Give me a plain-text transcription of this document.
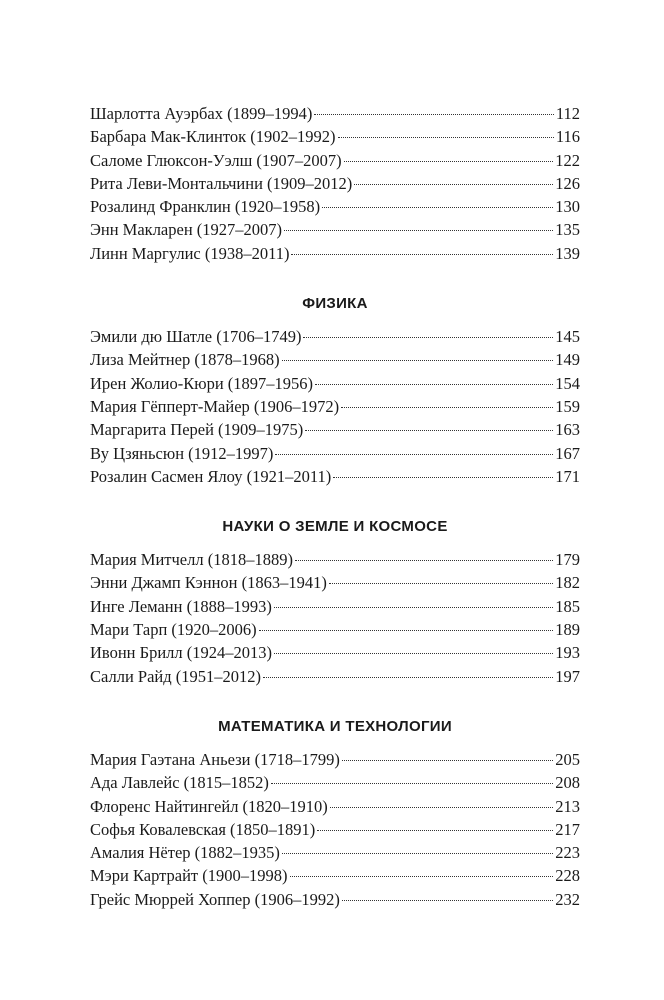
Шарлотта Ауэрбах (1899–1994)	112
Барбара Мак-Клинток (1902–1992)	116
Саломе Глюксон-Уэлш (1907–2007)	122
Рита Леви-Монтальчини (1909–2012)	126
Розалинд Франклин (1920–1958)	130
Энн Макларен (1927–2007)	135
Линн Маргулис (1938–2011)	139
ФИЗИКА
Эмили дю Шатле (1706–1749)	145
Лиза Мейтнер (1878–1968)	149
Ирен Жолио-Кюри (1897–1956)	154
Мария Гёпперт-Майер (1906–1972)	159
Маргарита Перей (1909–1975)	163
Ву Цзяньсюн (1912–1997)	167
Розалин Сасмен Ялоу (1921–2011)	171
НАУКИ О ЗЕМЛЕ И КОСМОСЕ
Мария Митчелл (1818–1889)	179
Энни Джамп Кэннон (1863–1941)	182
Инге Леманн (1888–1993)	185
Мари Тарп (1920–2006)	189
Ивонн Брилл (1924–2013)	193
Салли Райд (1951–2012)	197
МАТЕМАТИКА И ТЕХНОЛОГИИ
Мария Гаэтана Аньези (1718–1799)	205
Ада Лавлейс (1815–1852)	208
Флоренс Найтингейл (1820–1910)	213
Софья Ковалевская (1850–1891)	217
Амалия Нётер (1882–1935)	223
Мэри Картрайт (1900–1998)	228
Грейс Мюррей Хоппер (1906–1992)	232
